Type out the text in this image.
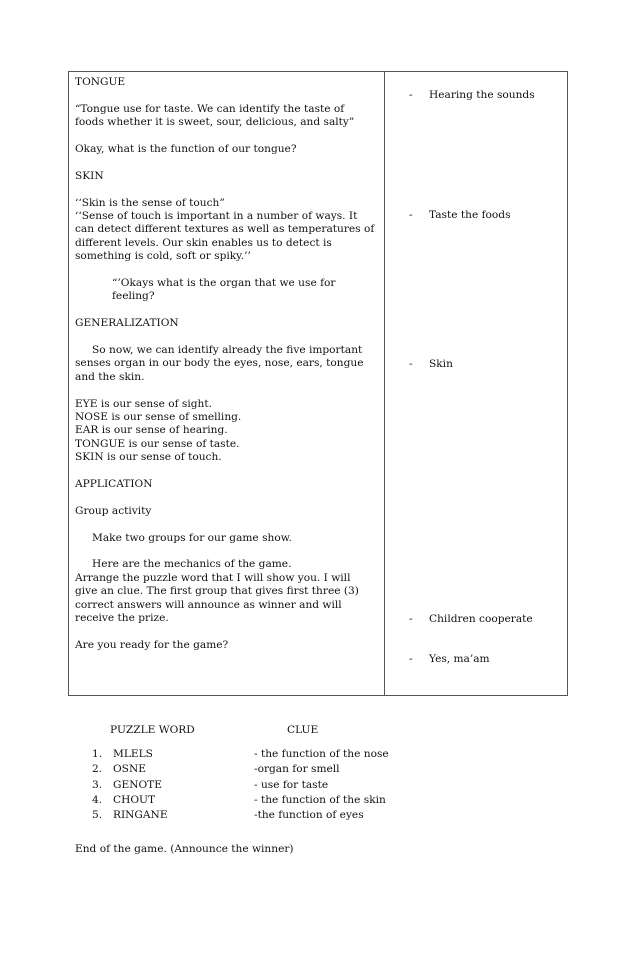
TONGUE

“Tongue use for taste. We can identify the taste of foods whether it is sweet, sour, delicious, and salty”

Okay, what is the function of our tongue?

SKIN

‘‘Skin is the sense of touch”

‘‘Sense of touch is important in a number of ways. It can detect different textures as well as temperatures of different levels. Our skin enables us to detect is something is cold, soft or spiky.’’

“’Okays what is the organ that we use for feeling?

GENERALIZATION

So now, we can identify already the five important senses organ in our body the eyes, nose, ears, tongue and the skin.

EYE is our sense of sight.

NOSE is our sense of smelling.

EAR is our sense of hearing.

TONGUE is our sense of taste.

SKIN is our sense of touch.

APPLICATION

Group activity

Make two groups for our game show.

Here are the mechanics of the game.

Arrange the puzzle word that I will show you. I will give an clue. The first group that gives first three (3) correct answers will announce as winner and will receive the prize.

Are you ready for the game?

- Hearing the sounds
- Taste the foods
- Skin
- Children cooperate
- Yes, ma’am
PUZZLE WORD	CLUE
1. MLELS	- the function of the nose
2. OSNE	-organ for smell
3. GENOTE	- use for taste
4. CHOUT	- the function of the skin
5. RINGANE	-the function of eyes
End of the game. (Announce the winner)
